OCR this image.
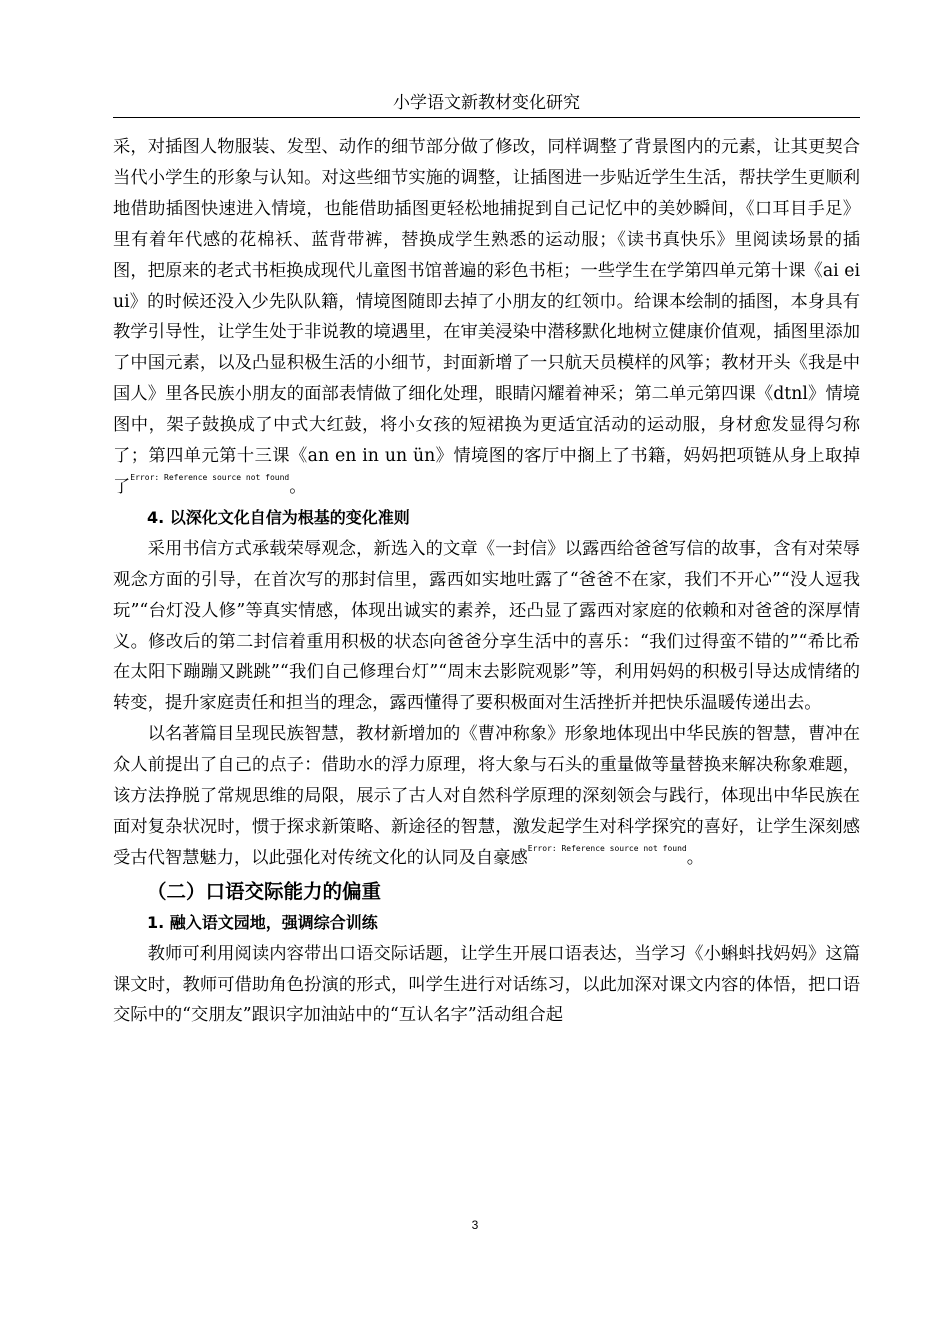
小学语文新教材变化研究

采，对插图人物服装、发型、动作的细节部分做了修改，同样调整了背景图内的元素，让其更契合当代小学生的形象与认知。对这些细节实施的调整，让插图进一步贴近学生生活，帮扶学生更顺利地借助插图快速进入情境，也能借助插图更轻松地捕捉到自己记忆中的美妙瞬间，《口耳目手足》里有着年代感的花棉袄、蓝背带裤，替换成学生熟悉的运动服；《读书真快乐》里阅读场景的插图，把原来的老式书柜换成现代儿童图书馆普遍的彩色书柜；一些学生在学第四单元第十课《ai ei ui》的时候还没入少先队队籍，情境图随即去掉了小朋友的红领巾。给课本绘制的插图，本身具有教学引导性，让学生处于非说教的境遇里，在审美浸染中潜移默化地树立健康价值观，插图里添加了中国元素，以及凸显积极生活的小细节，封面新增了一只航天员模样的风筝；教材开头《我是中国人》里各民族小朋友的面部表情做了细化处理，眼睛闪耀着神采；第二单元第四课《dtnl》情境图中，架子鼓换成了中式大红鼓，将小女孩的短裙换为更适宜活动的运动服，身材愈发显得匀称了；第四单元第十三课《an en in un ün》情境图的客厅中搁上了书籍，妈妈把项链从身上取掉了$^{Error: Reference source not found}$。

4. 以深化文化自信为根基的变化准则

采用书信方式承载荣辱观念，新选入的文章《一封信》以露西给爸爸写信的故事，含有对荣辱观念方面的引导，在首次写的那封信里，露西如实地吐露了“爸爸不在家，我们不开心”“没人逗我玩”“台灯没人修”等真实情感，体现出诚实的素养，还凸显了露西对家庭的依赖和对爸爸的深厚情义。修改后的第二封信着重用积极的状态向爸爸分享生活中的喜乐：“我们过得蛮不错的”“希比希在太阳下蹦蹦又跳跳”“我们自己修理台灯”“周末去影院观影”等，利用妈妈的积极引导达成情绪的转变，提升家庭责任和担当的理念，露西懂得了要积极面对生活挫折并把快乐温暖传递出去。

以名著篇目呈现民族智慧，教材新增加的《曹冲称象》形象地体现出中华民族的智慧，曹冲在众人前提出了自己的点子：借助水的浮力原理，将大象与石头的重量做等量替换来解决称象难题，该方法挣脱了常规思维的局限，展示了古人对自然科学原理的深刻领会与践行，体现出中华民族在面对复杂状况时，惯于探求新策略、新途径的智慧，激发起学生对科学探究的喜好，让学生深刻感受古代智慧魅力，以此强化对传统文化的认同及自豪感$^{Error: Reference source not found}$。

（二）口语交际能力的偏重
1. 融入语文园地，强调综合训练

教师可利用阅读内容带出口语交际话题，让学生开展口语表达，当学习《小蝌蚪找妈妈》这篇课文时，教师可借助角色扮演的形式，叫学生进行对话练习，以此加深对课文内容的体悟，把口语交际中的“交朋友”跟识字加油站中的“互认名字”活动组合起

3
